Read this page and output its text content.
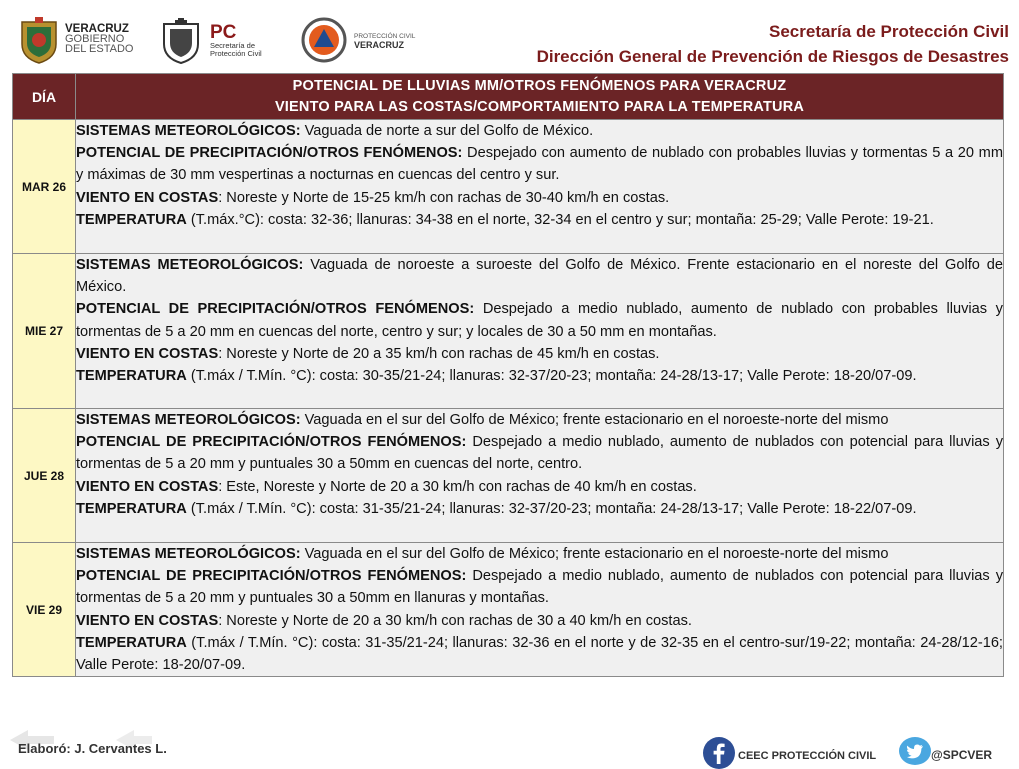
VERACRUZ
GOBIERNO
DEL ESTADO
PC
Secretaría de
Protección Civil
PROTECCIÓN CIVIL
VERACRUZ
Secretaría de Protección Civil
Dirección General de Prevención de Riesgos de Desastres
DÍA	POTENCIAL DE LLUVIAS MM/OTROS FENÓMENOS PARA VERACRUZ
VIENTO PARA LAS COSTAS/COMPORTAMIENTO PARA LA TEMPERATURA

MAR 26	SISTEMAS METEOROLÓGICOS: Vaguada de norte a sur del Golfo de México.

POTENCIAL DE PRECIPITACIÓN/OTROS FENÓMENOS: Despejado con aumento de nublado con probables lluvias y tormentas 5 a 20 mm y máximas de 30 mm vespertinas a nocturnas en cuencas del centro y sur.

VIENTO EN COSTAS: Noreste y Norte de 15-25 km/h con rachas de 30-40 km/h en costas.

TEMPERATURA (T.máx.°C): costa: 32-36; llanuras: 34-38 en el norte, 32-34 en el centro y sur; montaña: 25-29; Valle Perote: 19-21.

MIE 27	SISTEMAS METEOROLÓGICOS: Vaguada de noroeste a suroeste del Golfo de México. Frente estacionario en el noreste del Golfo de México.

POTENCIAL DE PRECIPITACIÓN/OTROS FENÓMENOS: Despejado a medio nublado, aumento de nublado con probables lluvias y tormentas de 5 a 20 mm en cuencas del norte, centro y sur; y locales de 30 a 50 mm en montañas.

VIENTO EN COSTAS: Noreste y Norte de 20 a 35 km/h con rachas de 45 km/h en costas.

TEMPERATURA (T.máx / T.Mín. °C): costa: 30-35/21-24; llanuras: 32-37/20-23; montaña: 24-28/13-17; Valle Perote: 18-20/07-09.

JUE 28	SISTEMAS METEOROLÓGICOS: Vaguada en el sur del Golfo de México; frente estacionario en el noroeste-norte del mismo

POTENCIAL DE PRECIPITACIÓN/OTROS FENÓMENOS: Despejado a medio nublado, aumento de nublados con potencial para lluvias y tormentas de 5 a 20 mm y puntuales 30 a 50mm en cuencas del norte, centro.

VIENTO EN COSTAS: Este, Noreste y Norte de 20 a 30 km/h con rachas de 40 km/h en costas.

TEMPERATURA (T.máx / T.Mín. °C): costa: 31-35/21-24; llanuras: 32-37/20-23; montaña: 24-28/13-17; Valle Perote: 18-22/07-09.

VIE 29	SISTEMAS METEOROLÓGICOS: Vaguada en el sur del Golfo de México; frente estacionario en el noroeste-norte del mismo

POTENCIAL DE PRECIPITACIÓN/OTROS FENÓMENOS: Despejado a medio nublado, aumento de nublados con potencial para lluvias y tormentas de 5 a 20 mm y puntuales 30 a 50mm en llanuras y montañas.

VIENTO EN COSTAS: Noreste y Norte de 20 a 30 km/h con rachas de 30 a 40 km/h en costas.

TEMPERATURA (T.máx / T.Mín. °C): costa: 31-35/21-24; llanuras: 32-36 en el norte y de 32-35 en el centro-sur/19-22; montaña: 24-28/12-16; Valle Perote: 18-20/07-09.

Elaboró: J. Cervantes L.	CEEC PROTECCIÓN CIVIL	@SPCVER
